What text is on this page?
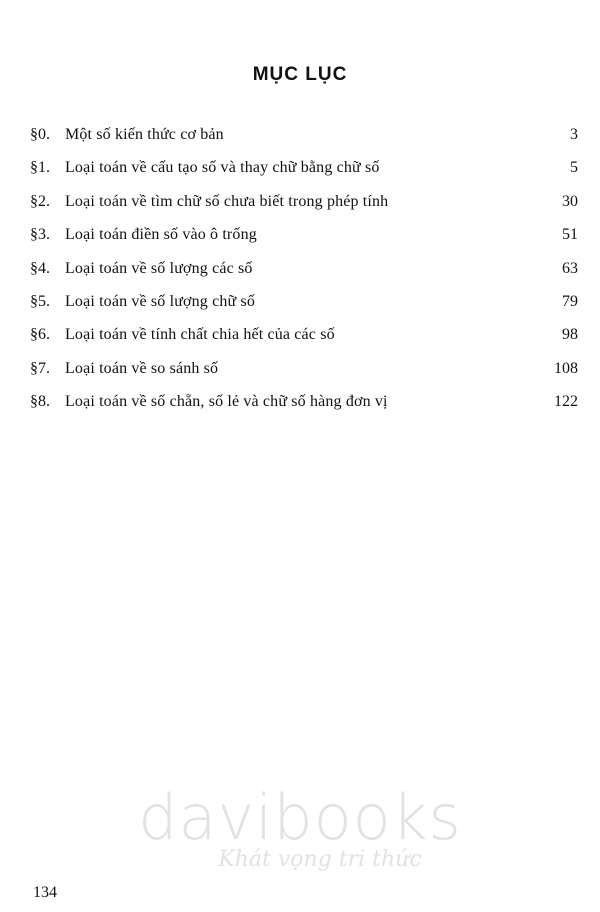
MỤC LỤC
§0. Một số kiến thức cơ bản	3
§1. Loại toán về cấu tạo số và thay chữ bằng chữ số	5
§2. Loại toán về tìm chữ số chưa biết trong phép tính	30
§3. Loại toán điền số vào ô trống	51
§4. Loại toán về số lượng các số	63
§5. Loại toán về số lượng chữ số	79
§6. Loại toán về tính chất chia hết của các số	98
§7. Loại toán về so sánh số	108
§8. Loại toán về số chẵn, số lẻ và chữ số hàng đơn vị	122
davibooks
Khát vọng tri thức
134
